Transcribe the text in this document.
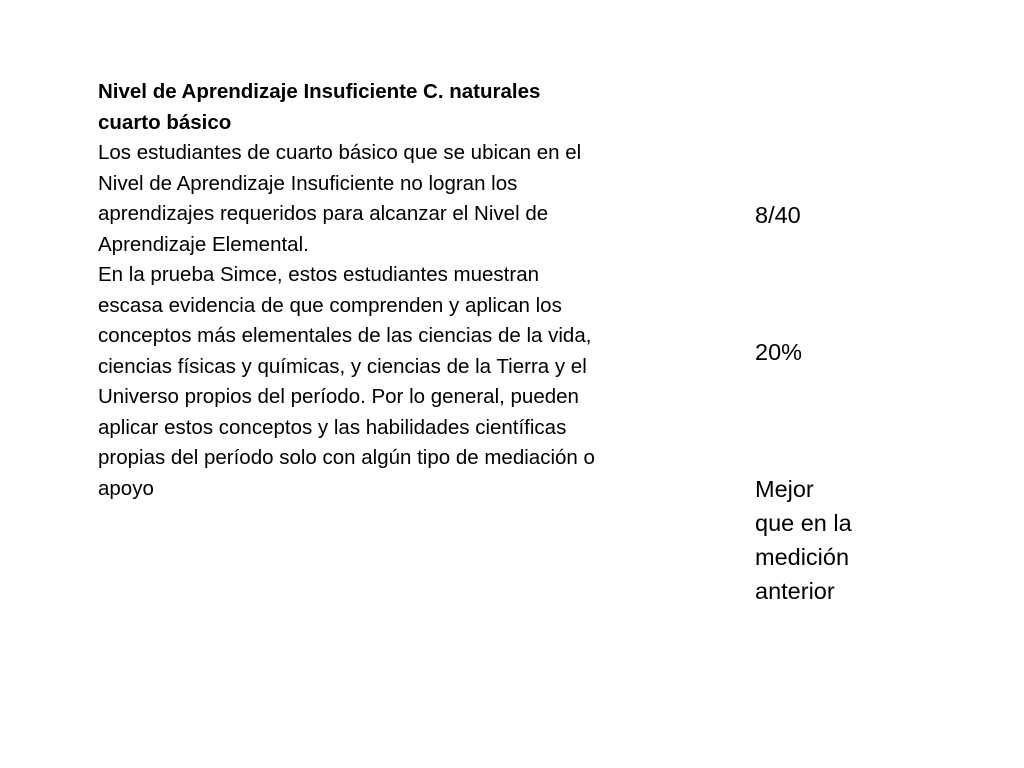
Nivel de Aprendizaje Insuficiente C. naturales cuarto básico

Los estudiantes de cuarto básico que se ubican en el Nivel de Aprendizaje Insuficiente no logran los aprendizajes requeridos para alcanzar el Nivel de Aprendizaje Elemental.

En la prueba Simce, estos estudiantes muestran escasa evidencia de que comprenden y aplican los conceptos más elementales de las ciencias de la vida, ciencias físicas y químicas, y ciencias de la Tierra y el Universo propios del período. Por lo general, pueden aplicar estos conceptos y las habilidades científicas propias del período solo con algún tipo de mediación o apoyo

8/40
20%
Mejor
que en la
medición
anterior
